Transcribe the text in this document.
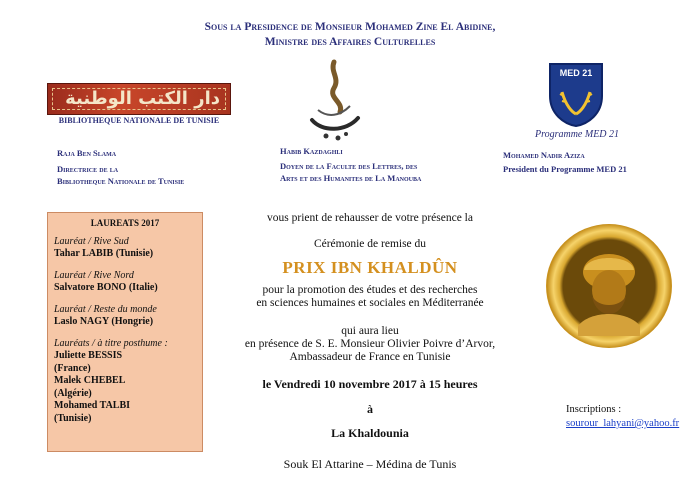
Sous la Presidence de Monsieur Mohamed Zine El Abidine,
Ministre des Affaires Culturelles
دار الكتب الوطنية
BIBLIOTHEQUE NATIONALE DE TUNISIE
Raja Ben Slama
Directrice de la
Bibliotheque Nationale de Tunisie
Habib Kazdaghli
Doyen de la Faculte des Lettres, des
Arts et des Humanites de La Manouba
MED 21
Programme MED 21
Mohamed Nadir Aziza
President du Programme MED 21
LAUREATS 2017
Lauréat / Rive Sud
Tahar LABIB (Tunisie)
Lauréat / Rive Nord
Salvatore BONO (Italie)
Lauréat / Reste du monde
Laslo NAGY (Hongrie)
Lauréats / à titre posthume :
Juliette BESSIS
(France)
Malek CHEBEL
(Algérie)
Mohamed TALBI
(Tunisie)
vous prient de rehausser de votre présence la
Cérémonie de remise du
PRIX IBN KHALDÛN
pour la promotion des études et des recherches
en sciences humaines et sociales en Méditerranée
qui aura lieu
en présence de S. E. Monsieur Olivier Poivre d’Arvor,
Ambassadeur de France en Tunisie
le Vendredi 10 novembre 2017 à 15 heures
à
La Khaldounia
Souk El Attarine – Médina de Tunis
Inscriptions :
sourour_lahyani@yahoo.fr
